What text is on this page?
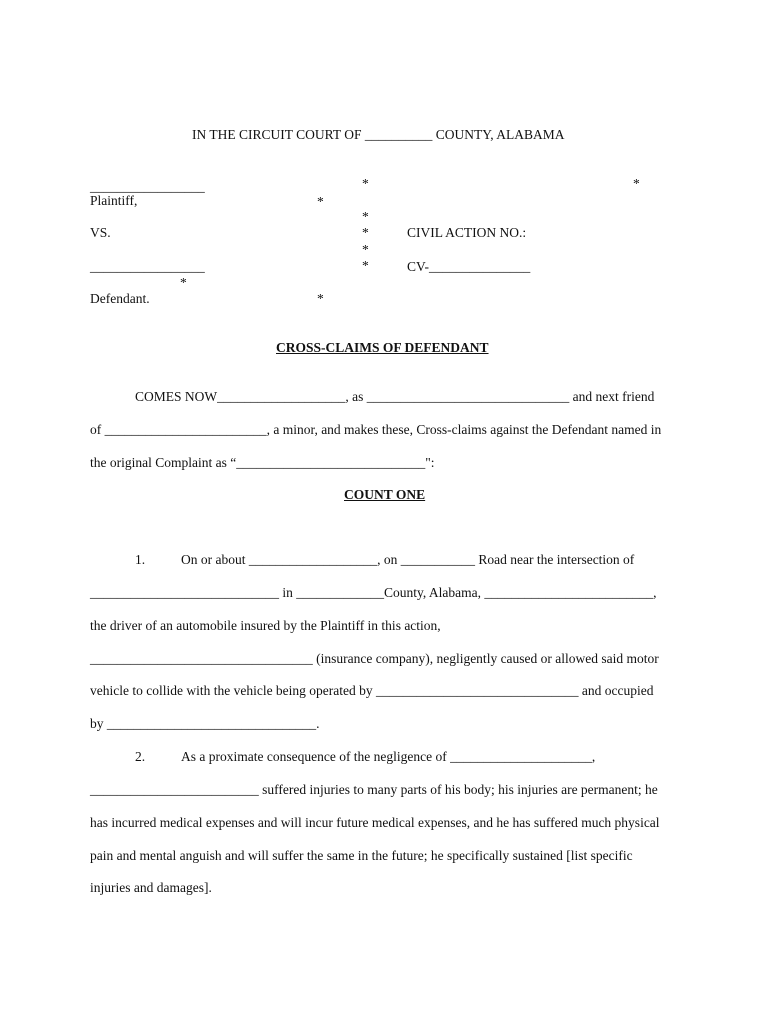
IN THE CIRCUIT COURT OF __________ COUNTY, ALABAMA
*	*
_________________
Plaintiff,	*
*
VS.	*	CIVIL ACTION NO.:
*
_________________	*	CV-_______________
*
Defendant.	*
CROSS-CLAIMS OF DEFENDANT
COMES NOW___________________, as ______________________________ and next friend
of ________________________, a minor, and makes these, Cross-claims against the Defendant named in
the original Complaint as “____________________________":
COUNT ONE
1.	On or about ___________________, on ___________ Road near the intersection of
____________________________ in _____________County, Alabama, _________________________,
the driver of an automobile insured by the Plaintiff in this action,
_________________________________ (insurance company), negligently caused or allowed said motor
vehicle to collide with the vehicle being operated by ______________________________ and occupied
by _______________________________.
2.	As a proximate consequence of the negligence of _____________________,
_________________________ suffered injuries to many parts of his body; his injuries are permanent; he
has incurred medical expenses and will incur future medical expenses, and he has suffered much physical
pain and mental anguish and will suffer the same in the future; he specifically sustained [list specific
injuries and damages].
